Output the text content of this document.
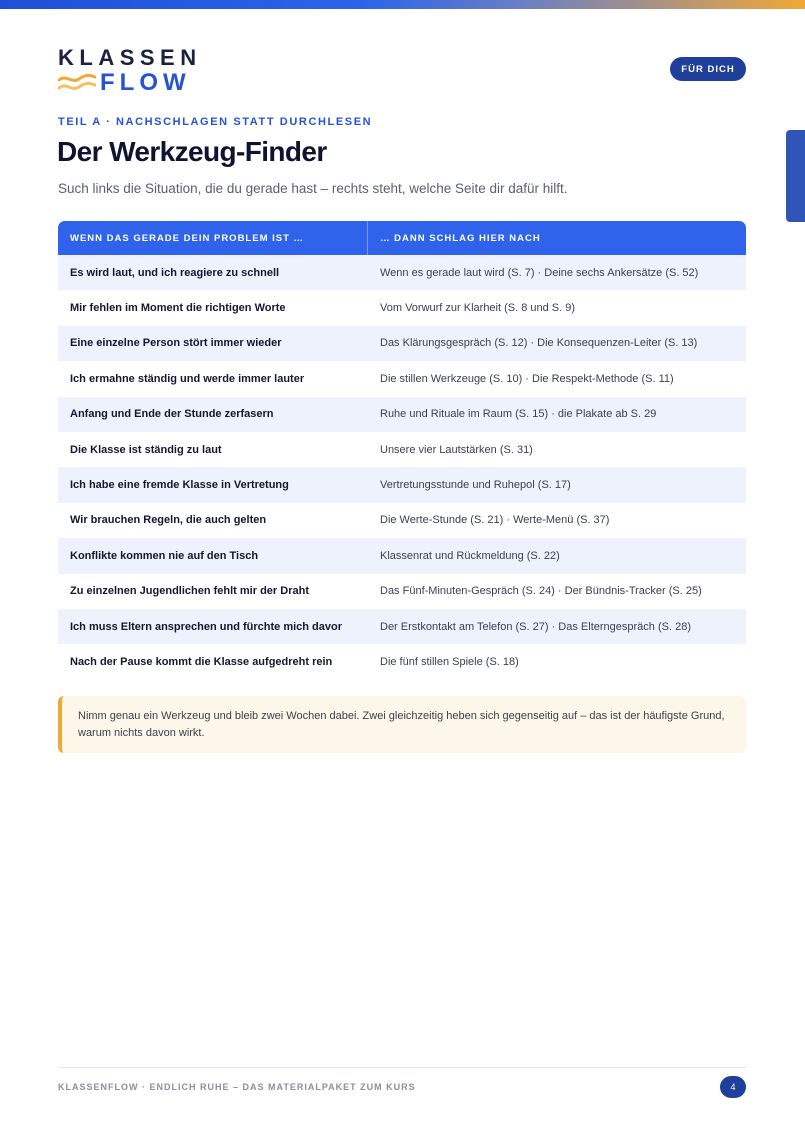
KLASSEN
FLOW	FÜR DICH
TEIL A · NACHSCHLAGEN STATT DURCHLESEN
Der Werkzeug-Finder

Such links die Situation, die du gerade hast – rechts steht, welche Seite dir dafür hilft.

WENN DAS GERADE DEIN PROBLEM IST …	… DANN SCHLAG HIER NACH
Es wird laut, und ich reagiere zu schnell	Wenn es gerade laut wird (S. 7) · Deine sechs Ankersätze (S. 52)
Mir fehlen im Moment die richtigen Worte	Vom Vorwurf zur Klarheit (S. 8 und S. 9)
Eine einzelne Person stört immer wieder	Das Klärungsgespräch (S. 12) · Die Konsequenzen-Leiter (S. 13)
Ich ermahne ständig und werde immer lauter	Die stillen Werkzeuge (S. 10) · Die Respekt-Methode (S. 11)
Anfang und Ende der Stunde zerfasern	Ruhe und Rituale im Raum (S. 15) · die Plakate ab S. 29
Die Klasse ist ständig zu laut	Unsere vier Lautstärken (S. 31)
Ich habe eine fremde Klasse in Vertretung	Vertretungsstunde und Ruhepol (S. 17)
Wir brauchen Regeln, die auch gelten	Die Werte-Stunde (S. 21) · Werte-Menü (S. 37)
Konflikte kommen nie auf den Tisch	Klassenrat und Rückmeldung (S. 22)
Zu einzelnen Jugendlichen fehlt mir der Draht	Das Fünf-Minuten-Gespräch (S. 24) · Der Bündnis-Tracker (S. 25)
Ich muss Eltern ansprechen und fürchte mich davor	Der Erstkontakt am Telefon (S. 27) · Das Elterngespräch (S. 28)
Nach der Pause kommt die Klasse aufgedreht rein	Die fünf stillen Spiele (S. 18)
Nimm genau ein Werkzeug und bleib zwei Wochen dabei. Zwei gleichzeitig heben sich gegenseitig auf – das ist der häufigste Grund, warum nichts davon wirkt.
KLASSENFLOW · ENDLICH RUHE – DAS MATERIALPAKET ZUM KURS	4
